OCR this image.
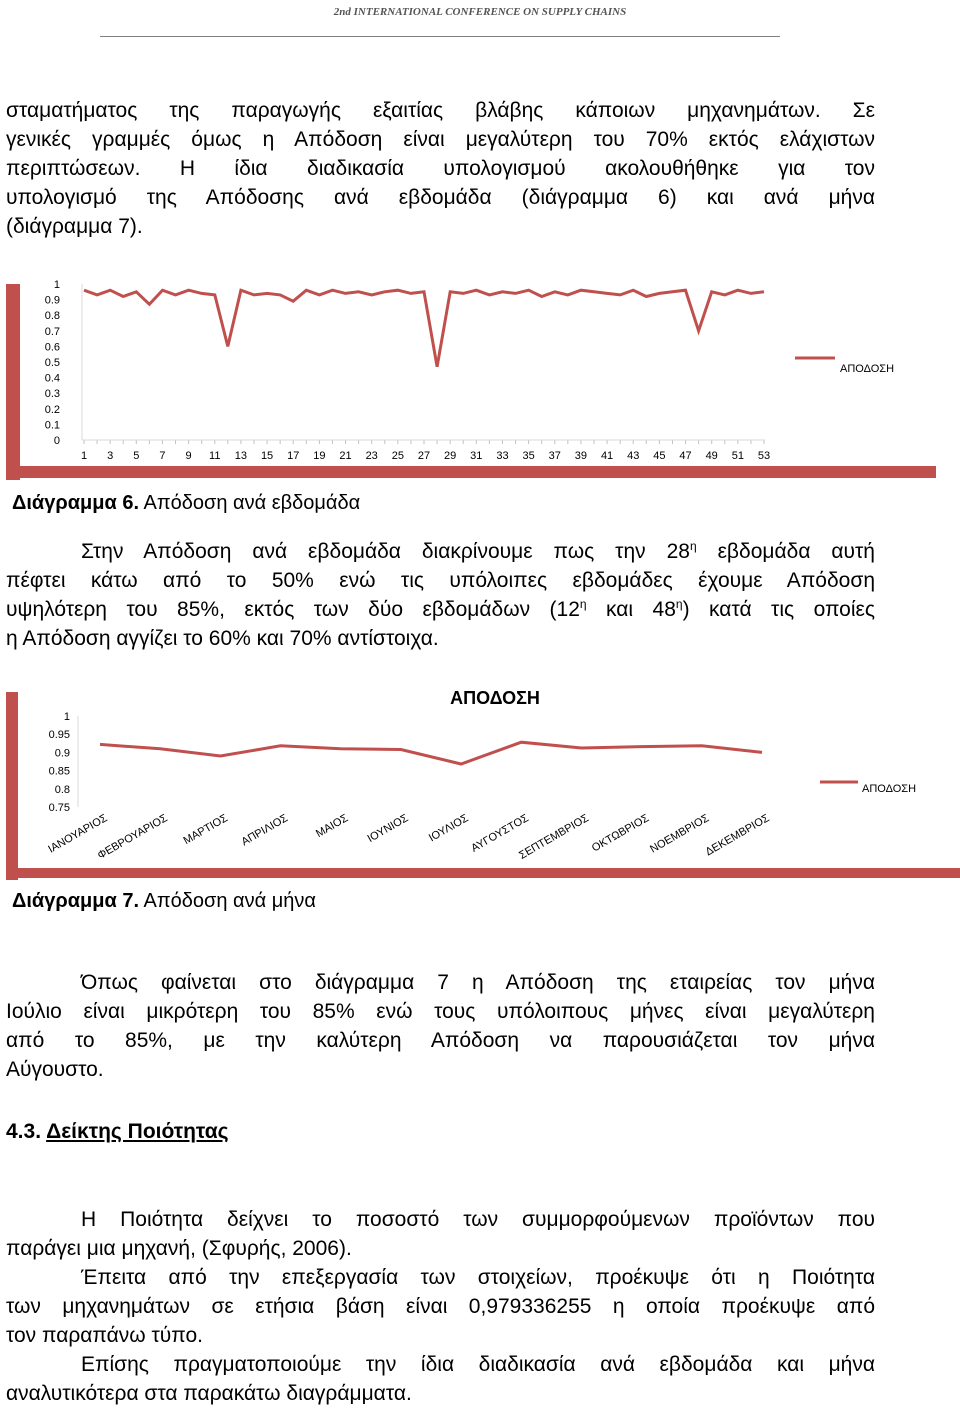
2nd INTERNATIONAL CONFERENCE ON SUPPLY CHAINS

σταματήματος της παραγωγής εξαιτίας βλάβης κάποιων μηχανημάτων. Σε
γενικές γραμμές όμως η Απόδοση είναι μεγαλύτερη του 70% εκτός ελάχιστων
περιπτώσεων. Η ίδια διαδικασία υπολογισμού ακολουθήθηκε για τον
υπολογισμό της Απόδοσης ανά εβδομάδα (διάγραμμα 6) και ανά μήνα
(διάγραμμα 7).

0
0.1
0.2
0.3
0.4
0.5
0.6
0.7
0.8
0.9
1
1 3 5 7 9 11 13 15 17 19 21 23 25 27 29 31 33 35 37 39 41 43 45 47 49 51 53
ΑΠΟΔΟΣΗ
Διάγραμμα 6. Απόδοση ανά εβδομάδα

Στην Απόδοση ανά εβδομάδα διακρίνουμε πως την $28^\eta$ εβδομάδα αυτή
πέφτει κάτω από το 50% ενώ τις υπόλοιπες εβδομάδες έχουμε Απόδοση
υψηλότερη του 85%, εκτός των δύο εβδομάδων ($12^\eta$ και $48^\eta$) κατά τις οποίες
η Απόδοση αγγίζει το 60% και 70% αντίστοιχα.

ΑΠΟΔΟΣΗ
0.75
0.8
0.85
0.9
0.95
1
ΙΑΝΟΥΑΡΙΟΣ
ΦΕΒΡΟΥΑΡΙΟΣ ΜΑΡΤΙΟΣ ΑΠΡΙΛΙΟΣ ΜΑΙΟΣ ΙΟΥΝΙΟΣ ΙΟΥΛΙΟΣ
ΑΥΓΟΥΣΤΟΣ
ΣΕΠΤΕΜΒΡΙΟΣ
ΟΚΤΩΒΡΙΟΣ
ΝΟΕΜΒΡΙΟΣ
ΔΕΚΕΜΒΡΙΟΣ
ΑΠΟΔΟΣΗ
Διάγραμμα 7. Απόδοση ανά μήνα

Όπως φαίνεται στο διάγραμμα 7 η Απόδοση της εταιρείας τον μήνα
Ιούλιο είναι μικρότερη του 85% ενώ τους υπόλοιπους μήνες είναι μεγαλύτερη
από το 85%, με την καλύτερη Απόδοση να παρουσιάζεται τον μήνα
Αύγουστο.

4.3. Δείκτης Ποιότητας

Η Ποιότητα δείχνει το ποσοστό των συμμορφούμενων προϊόντων που
παράγει μια μηχανή, (Σφυρής, 2006).
Έπειτα από την επεξεργασία των στοιχείων, προέκυψε ότι η Ποιότητα
των μηχανημάτων σε ετήσια βάση είναι 0,979336255 η οποία προέκυψε από
τον παραπάνω τύπο.
Επίσης πραγματοποιούμε την ίδια διαδικασία ανά εβδομάδα και μήνα
αναλυτικότερα στα παρακάτω διαγράμματα.
